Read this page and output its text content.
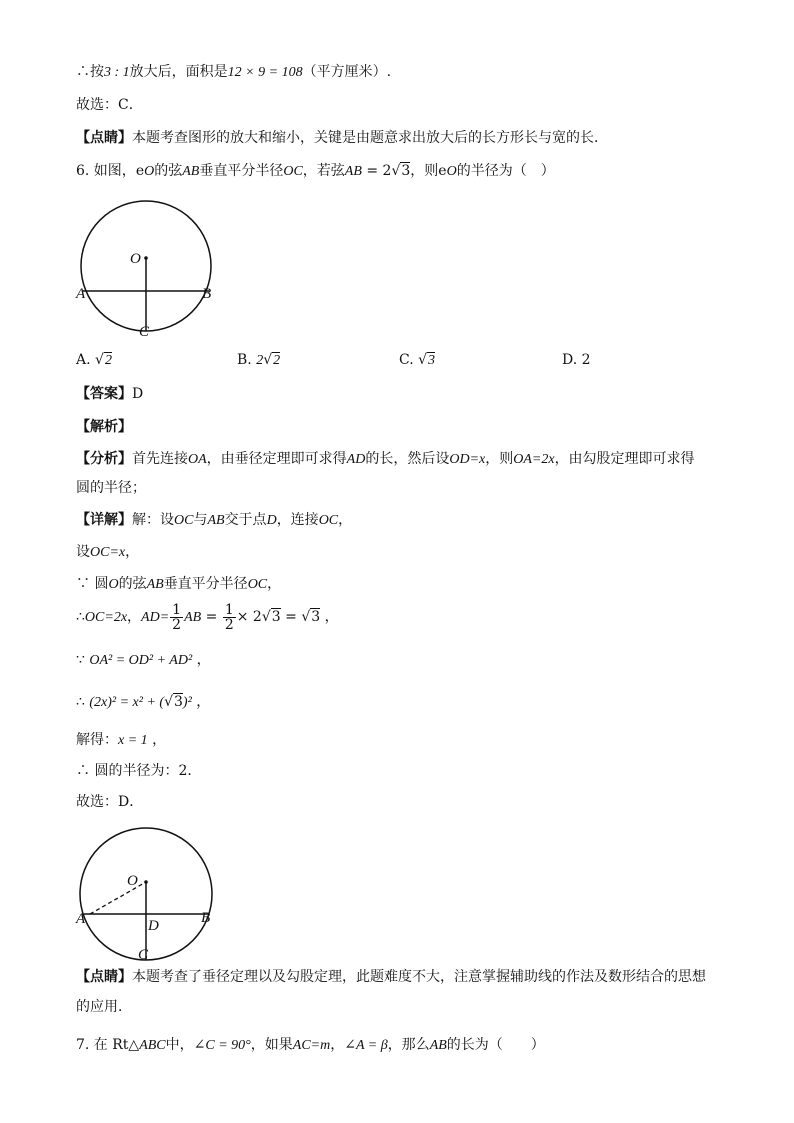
∴按3 : 1放大后，面积是12 × 9 = 108（平方厘米）.
故选：C．
【点睛】本题考查图形的放大和缩小，关键是由题意求出放大后的长方形长与宽的长．
6. 如图，eO的弦AB垂直平分半径OC，若弦AB = 2√3，则eO的半径为（　）
O
A	B
C
A. √2	B. 2√2	C. √3	D. 2
【答案】D
【解析】
【分析】首先连接OA，由垂径定理即可求得AD的长，然后设OD=x，则OA=2x，由勾股定理即可求得
圆的半径；
【详解】解：设OC与AB交于点D，连接OC，
设OC=x，
∵ 圆O的弦AB垂直平分半径OC，
∴OC=2x，$AD= \frac{1}{2}$ AB = $\frac{1}{2} \times 2√3 = √3$ ，
∵ OA² = OD² + AD² ，
∴ (2x)² = x² + (√3)² ，
解得：x = 1 ，
∴ 圆的半径为：2．
故选：D．
O
A	B
D
C
【点睛】本题考查了垂径定理以及勾股定理，此题难度不大，注意掌握辅助线的作法及数形结合的思想
的应用．
7. 在 Rt△ABC中，∠C = 90°，如果AC=m，∠A = β，那么AB的长为（　　）
